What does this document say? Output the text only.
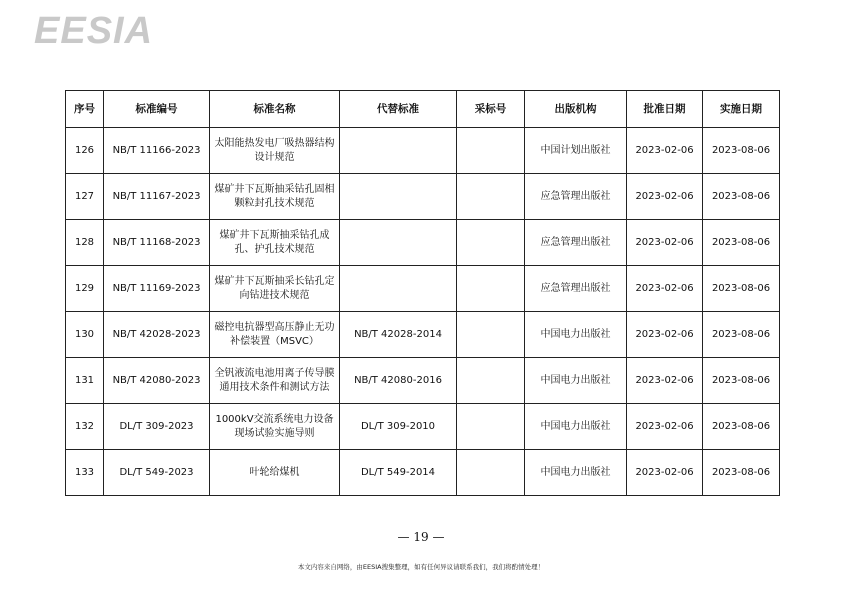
EESIA
序号	标准编号	标准名称	代替标准	采标号	出版机构	批准日期	实施日期
126	NB/T 11166-2023	太阳能热发电厂吸热器结构设计规范			中国计划出版社	2023-02-06	2023-08-06
127	NB/T 11167-2023	煤矿井下瓦斯抽采钻孔固相颗粒封孔技术规范			应急管理出版社	2023-02-06	2023-08-06
128	NB/T 11168-2023	煤矿井下瓦斯抽采钻孔成孔、护孔技术规范			应急管理出版社	2023-02-06	2023-08-06
129	NB/T 11169-2023	煤矿井下瓦斯抽采长钻孔定向钻进技术规范			应急管理出版社	2023-02-06	2023-08-06
130	NB/T 42028-2023	磁控电抗器型高压静止无功补偿装置（MSVC）	NB/T 42028-2014		中国电力出版社	2023-02-06	2023-08-06
131	NB/T 42080-2023	全钒液流电池用离子传导膜 通用技术条件和测试方法	NB/T 42080-2016		中国电力出版社	2023-02-06	2023-08-06
132	DL/T 309-2023	1000kV交流系统电力设备现场试验实施导则	DL/T 309-2010		中国电力出版社	2023-02-06	2023-08-06
133	DL/T 549-2023	叶轮给煤机	DL/T 549-2014		中国电力出版社	2023-02-06	2023-08-06
— 19 —
本文内容来自网络，由EESIA搜集整理，如有任何异议请联系我们，我们将酌情处理！
